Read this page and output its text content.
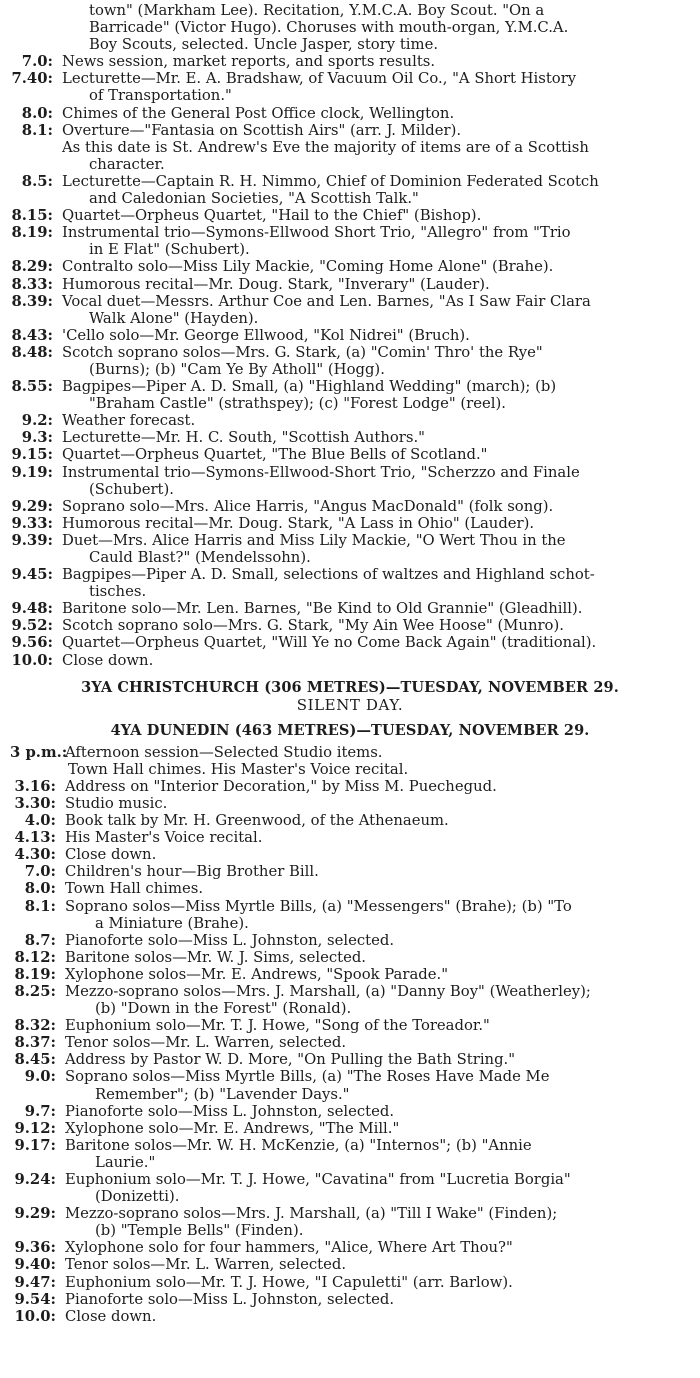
town" (Markham Lee). Recitation, Y.M.C.A. Boy Scout. "On a
Barricade" (Victor Hugo). Choruses with mouth-organ, Y.M.C.A.
Boy Scouts, selected. Uncle Jasper, story time.
7.0: News session, market reports, and sports results.
7.40: Lecturette—Mr. E. A. Bradshaw, of Vacuum Oil Co., "A Short History
of Transportation."
8.0: Chimes of the General Post Office clock, Wellington.
8.1: Overture—"Fantasia on Scottish Airs" (arr. J. Milder).
As this date is St. Andrew's Eve the majority of items are of a Scottish
character.
8.5: Lecturette—Captain R. H. Nimmo, Chief of Dominion Federated Scotch
and Caledonian Societies, "A Scottish Talk."
8.15: Quartet—Orpheus Quartet, "Hail to the Chief" (Bishop).
8.19: Instrumental trio—Symons-Ellwood Short Trio, "Allegro" from "Trio
in E Flat" (Schubert).
8.29: Contralto solo—Miss Lily Mackie, "Coming Home Alone" (Brahe).
8.33: Humorous recital—Mr. Doug. Stark, "Inverary" (Lauder).
8.39: Vocal duet—Messrs. Arthur Coe and Len. Barnes, "As I Saw Fair Clara
Walk Alone" (Hayden).
8.43: 'Cello solo—Mr. George Ellwood, "Kol Nidrei" (Bruch).
8.48: Scotch soprano solos—Mrs. G. Stark, (a) "Comin' Thro' the Rye"
(Burns); (b) "Cam Ye By Atholl" (Hogg).
8.55: Bagpipes—Piper A. D. Small, (a) "Highland Wedding" (march); (b)
"Braham Castle" (strathspey); (c) "Forest Lodge" (reel).
9.2: Weather forecast.
9.3: Lecturette—Mr. H. C. South, "Scottish Authors."
9.15: Quartet—Orpheus Quartet, "The Blue Bells of Scotland."
9.19: Instrumental trio—Symons-Ellwood-Short Trio, "Scherzzo and Finale
(Schubert).
9.29: Soprano solo—Mrs. Alice Harris, "Angus MacDonald" (folk song).
9.33: Humorous recital—Mr. Doug. Stark, "A Lass in Ohio" (Lauder).
9.39: Duet—Mrs. Alice Harris and Miss Lily Mackie, "O Wert Thou in the
Cauld Blast?" (Mendelssohn).
9.45: Bagpipes—Piper A. D. Small, selections of waltzes and Highland schot-
tisches.
9.48: Baritone solo—Mr. Len. Barnes, "Be Kind to Old Grannie" (Gleadhill).
9.52: Scotch soprano solo—Mrs. G. Stark, "My Ain Wee Hoose" (Munro).
9.56: Quartet—Orpheus Quartet, "Will Ye no Come Back Again" (traditional).
10.0: Close down.
3YA CHRISTCHURCH (306 METRES)—TUESDAY, NOVEMBER 29.
SILENT DAY.
4YA DUNEDIN (463 METRES)—TUESDAY, NOVEMBER 29.
3 p.m.:
Afternoon session—Selected Studio items.
Town Hall chimes. His Master's Voice recital.
3.16: Address on "Interior Decoration," by Miss M. Puechegud.
3.30: Studio music.
4.0: Book talk by Mr. H. Greenwood, of the Athenaeum.
4.13: His Master's Voice recital.
4.30: Close down.
7.0: Children's hour—Big Brother Bill.
8.0: Town Hall chimes.
8.1: Soprano solos—Miss Myrtle Bills, (a) "Messengers" (Brahe); (b) "To
a Miniature (Brahe).
8.7: Pianoforte solo—Miss L. Johnston, selected.
8.12: Baritone solos—Mr. W. J. Sims, selected.
8.19: Xylophone solos—Mr. E. Andrews, "Spook Parade."
8.25: Mezzo-soprano solos—Mrs. J. Marshall, (a) "Danny Boy" (Weatherley);
(b) "Down in the Forest" (Ronald).
8.32: Euphonium solo—Mr. T. J. Howe, "Song of the Toreador."
8.37: Tenor solos—Mr. L. Warren, selected.
8.45: Address by Pastor W. D. More, "On Pulling the Bath String."
9.0: Soprano solos—Miss Myrtle Bills, (a) "The Roses Have Made Me
Remember"; (b) "Lavender Days."
9.7: Pianoforte solo—Miss L. Johnston, selected.
9.12: Xylophone solo—Mr. E. Andrews, "The Mill."
9.17: Baritone solos—Mr. W. H. McKenzie, (a) "Internos"; (b) "Annie
Laurie."
9.24: Euphonium solo—Mr. T. J. Howe, "Cavatina" from "Lucretia Borgia"
(Donizetti).
9.29: Mezzo-soprano solos—Mrs. J. Marshall, (a) "Till I Wake" (Finden);
(b) "Temple Bells" (Finden).
9.36: Xylophone solo for four hammers, "Alice, Where Art Thou?"
9.40: Tenor solos—Mr. L. Warren, selected.
9.47: Euphonium solo—Mr. T. J. Howe, "I Capuletti" (arr. Barlow).
9.54: Pianoforte solo—Miss L. Johnston, selected.
10.0: Close down.
